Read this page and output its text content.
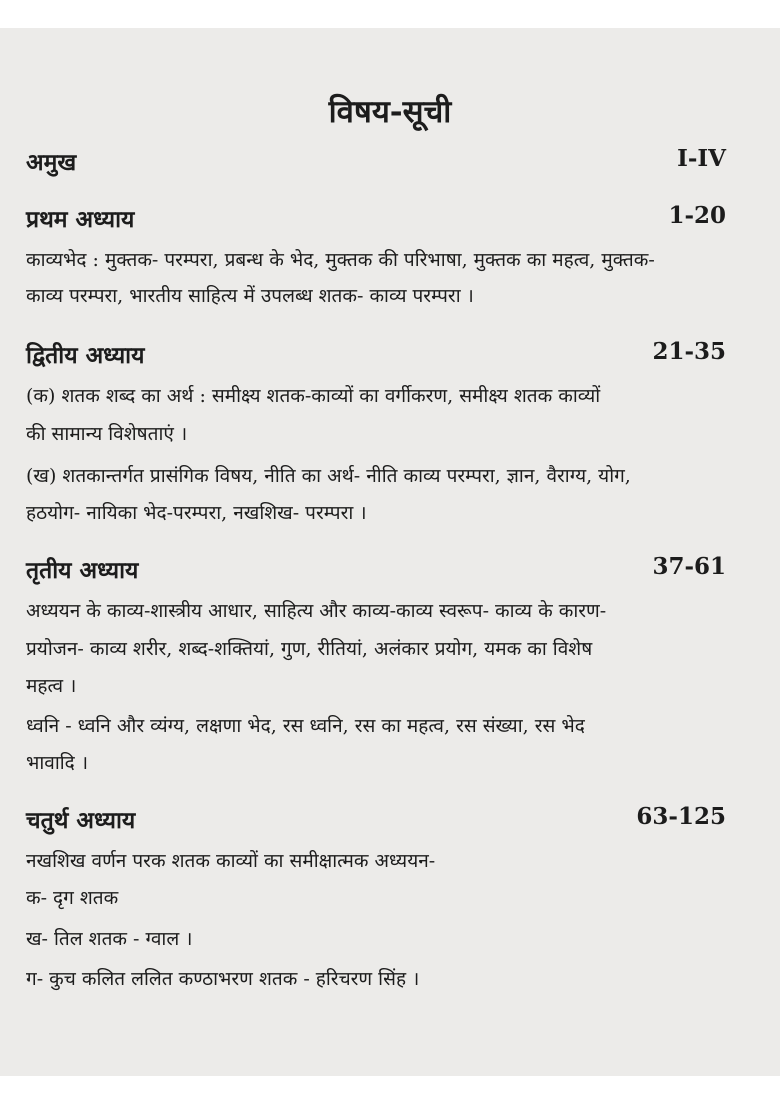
विषय-सूची
अमुख	I-IV
प्रथम अध्याय	1-20
काव्यभेद : मुक्तक- परम्परा, प्रबन्ध के भेद, मुक्तक की परिभाषा, मुक्तक का महत्व, मुक्तक-
काव्य परम्परा, भारतीय साहित्य में उपलब्ध शतक- काव्य परम्परा ।
द्वितीय अध्याय	21-35
(क) शतक शब्द का अर्थ : समीक्ष्य शतक-काव्यों का वर्गीकरण, समीक्ष्य शतक काव्यों
की सामान्य विशेषताएं ।
(ख) शतकान्तर्गत प्रासंगिक विषय, नीति का अर्थ- नीति काव्य परम्परा, ज्ञान, वैराग्य, योग,
हठयोग- नायिका भेद-परम्परा, नखशिख- परम्परा ।
तृतीय अध्याय	37-61
अध्ययन के काव्य-शास्त्रीय आधार, साहित्य और काव्य-काव्य स्वरूप- काव्य के कारण-
प्रयोजन- काव्य शरीर, शब्द-शक्तियां, गुण, रीतियां, अलंकार प्रयोग, यमक का विशेष
महत्व ।
ध्वनि - ध्वनि और व्यंग्य, लक्षणा भेद, रस ध्वनि, रस का महत्व, रस संख्या, रस भेद
भावादि ।
चतुर्थ अध्याय	63-125
नखशिख वर्णन परक शतक काव्यों का समीक्षात्मक अध्ययन-
क- दृग शतक
ख- तिल शतक - ग्वाल ।
ग- कुच कलित ललित कण्ठाभरण शतक - हरिचरण सिंह ।
